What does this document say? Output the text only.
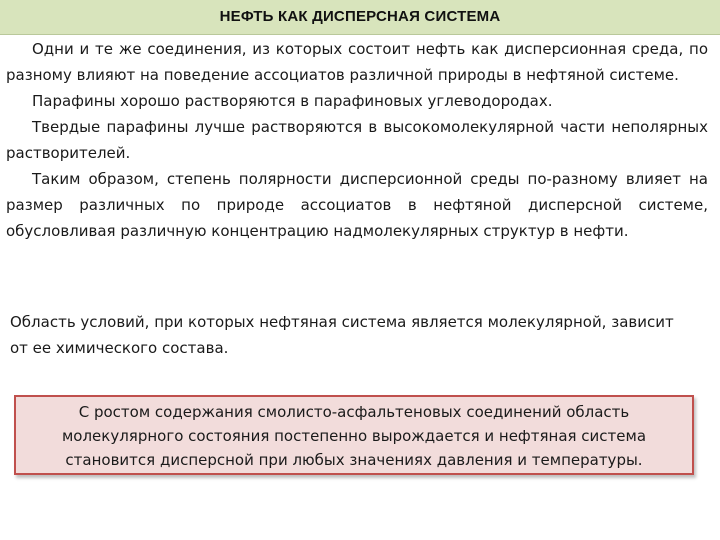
НЕФТЬ КАК ДИСПЕРСНАЯ СИСТЕМА

Одни и те же соединения, из которых состоит нефть как дисперсионная среда, по разному влияют на поведение ассоциатов различной природы в нефтяной системе.

Парафины хорошо растворяются в парафиновых углеводородах.

Твердые парафины лучше растворяются в высокомолекулярной части неполярных растворителей.

Таким образом, степень полярности дисперсионной среды по-разному влияет на размер различных по природе ассоциатов в нефтяной дисперсной системе, обусловливая различную концентрацию надмолекулярных структур в нефти.

Область условий, при которых нефтяная система является молекулярной, зависит
от ее химического состава.
С ростом содержания смолисто-асфальтеновых соединений область
молекулярного состояния постепенно вырождается и нефтяная система
становится дисперсной при любых значениях давления и температуры.
